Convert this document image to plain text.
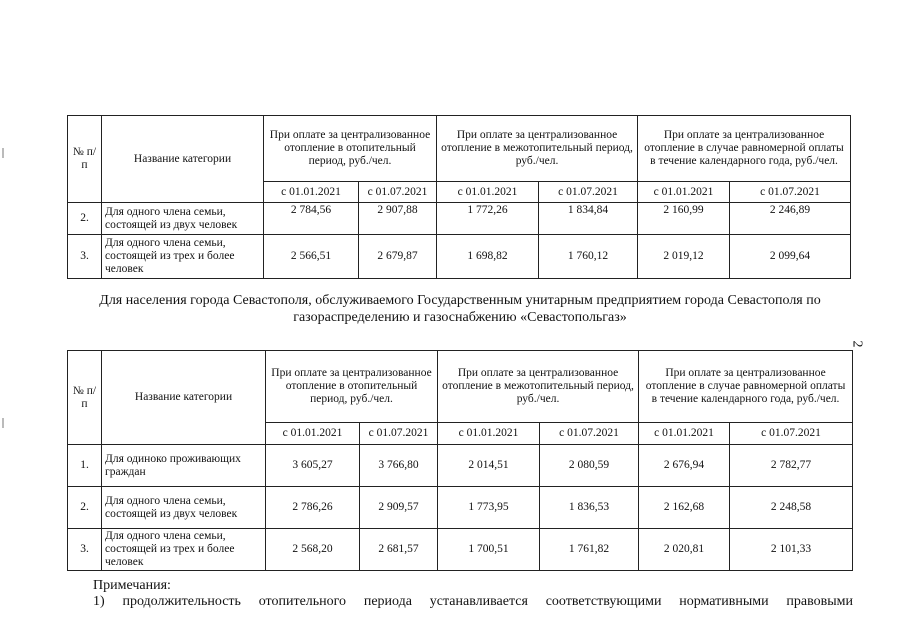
№ п/п	Название категории	При оплате за централизованное отопление в отопительный период, руб./чел.		При оплате за централизованное отопление в межотопительный период, руб./чел.		При оплате за централизованное отопление в случае равномерной оплаты в течение календарного года, руб./чел.	
		с 01.01.2021	с 01.07.2021	с 01.01.2021	с 01.07.2021	с 01.01.2021	с 01.07.2021
2.	Для одного члена семьи, состоящей из двух человек	2 784,56	2 907,88	1 772,26	1 834,84	2 160,99	2 246,89
3.	Для одного члена семьи, состоящей из трех и более человек	2 566,51	2 679,87	1 698,82	1 760,12	2 019,12	2 099,64
Для населения города Севастополя, обслуживаемого Государственным унитарным предприятием города Севастополя по газораспределению и газоснабжению «Севастопольгаз»
2
№ п/п	Название категории	При оплате за централизованное отопление в отопительный период, руб./чел.		При оплате за централизованное отопление в межотопительный период, руб./чел.		При оплате за централизованное отопление в случае равномерной оплаты
в течение календарного года, руб./чел.	
		с 01.01.2021	с 01.07.2021	с 01.01.2021	с 01.07.2021	с 01.01.2021	с 01.07.2021
1.	Для одиноко проживающих граждан	3 605,27	3 766,80	2 014,51	2 080,59	2 676,94	2 782,77
2.	Для одного члена семьи, состоящей из двух человек	2 786,26	2 909,57	1 773,95	1 836,53	2 162,68	2 248,58
3.	Для одного члена семьи, состоящей из трех и более человек	2 568,20	2 681,57	1 700,51	1 761,82	2 020,81	2 101,33
Примечания:
1) продолжительность отопительного периода устанавливается соответствующими нормативными правовыми
